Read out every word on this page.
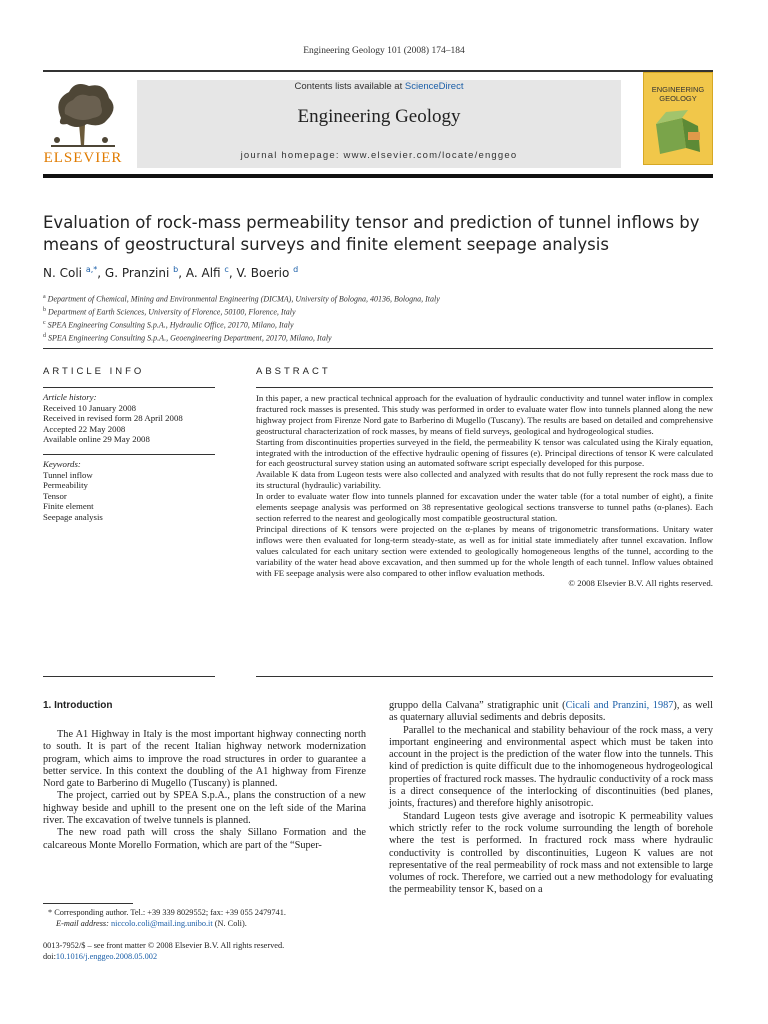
Engineering Geology 101 (2008) 174–184
ELSEVIER
Contents lists available at ScienceDirect
Engineering Geology
journal homepage: www.elsevier.com/locate/enggeo
ENGINEERING
GEOLOGY
Evaluation of rock-mass permeability tensor and prediction of tunnel inflows by means of geostructural surveys and finite element seepage analysis
N. Coli $^{a,*}$, G. Pranzini $^b$, A. Alfi $^c$, V. Boerio $^d$
$^a$ Department of Chemical, Mining and Environmental Engineering (DICMA), University of Bologna, 40136, Bologna, Italy
$^b$ Department of Earth Sciences, University of Florence, 50100, Florence, Italy
$^c$ SPEA Engineering Consulting S.p.A., Hydraulic Office, 20170, Milano, Italy
$^d$ SPEA Engineering Consulting S.p.A., Geoengineering Department, 20170, Milano, Italy
ARTICLE INFO
Article history:
Received 10 January 2008
Received in revised form 28 April 2008
Accepted 22 May 2008
Available online 29 May 2008
Keywords:
Tunnel inflow
Permeability
Tensor
Finite element
Seepage analysis
ABSTRACT

In this paper, a new practical technical approach for the evaluation of hydraulic conductivity and tunnel water inflow in complex fractured rock masses is presented. This study was performed in order to evaluate water flow into tunnels planned along the new highway project from Firenze Nord gate to Barberino di Mugello (Tuscany). The results are based on detailed and comprehensive geostructural characterization of rock masses, by means of field surveys, geological and hydrogeological studies.

Starting from discontinuities properties surveyed in the field, the permeability K tensor was calculated using the Kiraly equation, integrated with the introduction of the effective hydraulic opening of fissures (e). Principal directions of tensor K were calculated for each geostructural survey station using an automated software script especially developed for this purpose.

Available K data from Lugeon tests were also collected and analyzed with results that do not fully represent the rock mass due to its structural (hydraulic) variability.

In order to evaluate water flow into tunnels planned for excavation under the water table (for a total number of eight), a finite elements seepage analysis was performed on 38 representative geological sections transverse to tunnel paths (α-planes). Each section referred to the nearest and geologically most compatible geostructural station.

Principal directions of K tensors were projected on the α-planes by means of trigonometric transformations. Unitary water inflows were then evaluated for long-term steady-state, as well as for initial state immediately after tunnel excavation. Inflow values calculated for each unitary section were extended to geologically homogeneous lengths of the tunnel, according to the variability of the water head above excavation, and then summed up for the whole length of each tunnel. Inflow values obtained with FE seepage analysis were also compared to other inflow evaluation methods.

© 2008 Elsevier B.V. All rights reserved.

1. Introduction

The A1 Highway in Italy is the most important highway connecting north to south. It is part of the recent Italian highway network modernization program, which aims to improve the road structures in order to guarantee a better service. In this context the doubling of the A1 highway from Firenze Nord gate to Barberino di Mugello (Tuscany) is planned.

The project, carried out by SPEA S.p.A., plans the construction of a new highway beside and uphill to the present one on the left side of the Marina river. The excavation of twelve tunnels is planned.

The new road path will cross the shaly Sillano Formation and the calcareous Monte Morello Formation, which are part of the “Super-

gruppo della Calvana” stratigraphic unit (Cicali and Pranzini, 1987), as well as quaternary alluvial sediments and debris deposits.

Parallel to the mechanical and stability behaviour of the rock mass, a very important engineering and environmental aspect which must be taken into account in the project is the prediction of the water flow into the tunnels. This kind of prediction is quite difficult due to the inhomogeneous hydrogeological properties of fractured rock masses. The hydraulic conductivity of a rock mass is a direct consequence of the interlocking of discontinuities (bed planes, joints, fractures) and therefore highly anisotropic.

Standard Lugeon tests give average and isotropic K permeability values which strictly refer to the rock volume surrounding the length of borehole where the test is performed. In fractured rock mass where hydraulic conductivity is controlled by discontinuities, Lugeon K values are not representative of the real permeability of rock mass and not extensible to large volumes of rock. Therefore, we carried out a new methodology for evaluating the permeability tensor K, based on a

* Corresponding author. Tel.: +39 339 8029552; fax: +39 055 2479741.
E-mail address: niccolo.coli@mail.ing.unibo.it (N. Coli).
0013-7952/$ – see front matter © 2008 Elsevier B.V. All rights reserved.
doi:10.1016/j.enggeo.2008.05.002
